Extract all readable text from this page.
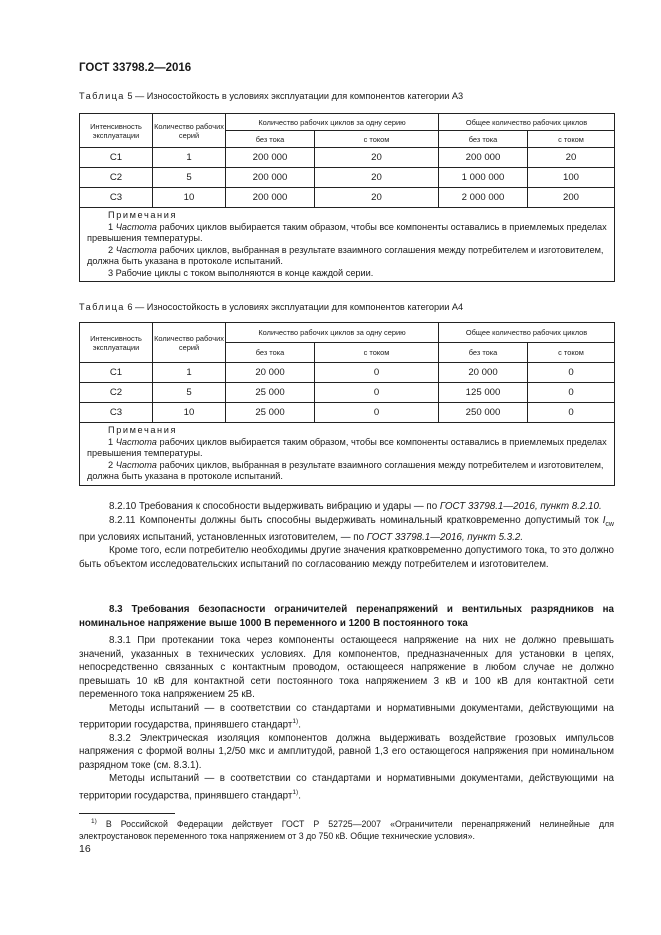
ГОСТ 33798.2—2016
Таблица 5 — Износостойкость в условиях эксплуатации для компонентов категории А3
Интенсивность эксплуатации	Количество рабочих серий	Количество рабочих циклов за одну серию		Общее количество рабочих циклов	
		без тока	с током	без тока	с током
С1	1	200 000	20	200 000	20
С2	5	200 000	20	1 000 000	100
С3	10	200 000	20	2 000 000	200

Примечания
1 Частота рабочих циклов выбирается таким образом, чтобы все компоненты оставались в приемлемых пределах превышения температуры.
2 Частота рабочих циклов, выбранная в результате взаимного соглашения между потребителем и изготовителем, должна быть указана в протоколе испытаний.
3 Рабочие циклы с током выполняются в конце каждой серии.					
Таблица 6 — Износостойкость в условиях эксплуатации для компонентов категории А4
Интенсивность эксплуатации	Количество рабочих серий	Количество рабочих циклов за одну серию		Общее количество рабочих циклов	
		без тока	с током	без тока	с током
С1	1	20 000	0	20 000	0
С2	5	25 000	0	125 000	0
С3	10	25 000	0	250 000	0

Примечания
1 Частота рабочих циклов выбирается таким образом, чтобы все компоненты оставались в приемлемых пределах превышения температуры.
2 Частота рабочих циклов, выбранная в результате взаимного соглашения между потребителем и изготовителем, должна быть указана в протоколе испытаний.					
8.2.10 Требования к способности выдерживать вибрацию и удары — по ГОСТ 33798.1—2016, пункт 8.2.10.
8.2.11 Компоненты должны быть способны выдерживать номинальный кратковременно допустимый ток $I_{cw}$ при условиях испытаний, установленных изготовителем, — по ГОСТ 33798.1—2016, пункт 5.3.2.
Кроме того, если потребителю необходимы другие значения кратковременно допустимого тока, то это должно быть объектом исследовательских испытаний по согласованию между потребителем и изготовителем.
8.3 Требования безопасности ограничителей перенапряжений и вентильных разрядников на номинальное напряжение выше 1000 В переменного и 1200 В постоянного тока
8.3.1 При протекании тока через компоненты остающееся напряжение на них не должно превышать значений, указанных в технических условиях. Для компонентов, предназначенных для установки в цепях, непосредственно связанных с контактным проводом, остающееся напряжение в любом случае не должно превышать 10 кВ для контактной сети постоянного тока напряжением 3 кВ и 100 кВ для контактной сети переменного тока напряжением 25 кВ.
Методы испытаний — в соответствии со стандартами и нормативными документами, действующими на территории государства, принявшего стандарт$^{1)}$.
8.3.2 Электрическая изоляция компонентов должна выдерживать воздействие грозовых импульсов напряжения с формой волны 1,2/50 мкс и амплитудой, равной 1,3 его остающегося напряжения при номинальном разрядном токе (см. 8.3.1).
Методы испытаний — в соответствии со стандартами и нормативными документами, действующими на территории государства, принявшего стандарт$^{1)}$.
$^{1)}$ В Российской Федерации действует ГОСТ Р 52725—2007 «Ограничители перенапряжений нелинейные для электроустановок переменного тока напряжением от 3 до 750 кВ. Общие технические условия».
16
